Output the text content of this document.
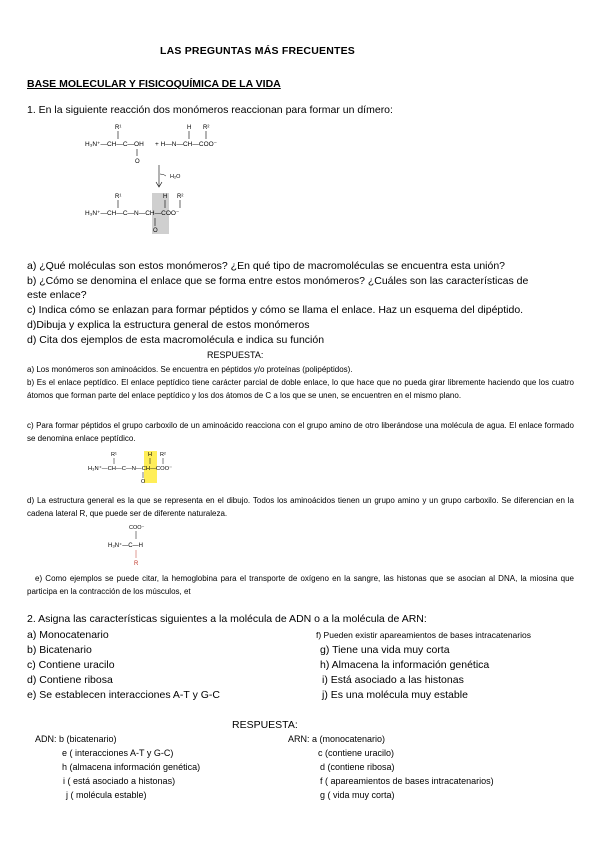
LAS PREGUNTAS MÁS FRECUENTES
BASE MOLECULAR Y FISICOQUÍMICA DE LA VIDA
1. En la siguiente reacción dos monómeros reaccionan para formar un dímero:
R¹
H₃N⁺—CH—C—OH
O
H R²
+ H—N—CH—COO⁻
H₂O
R¹	H R²
H₃N⁺—CH—C—N—CH—COO⁻
O
a) ¿Qué moléculas son estos monómeros? ¿En qué tipo de macromoléculas se encuentra esta unión?
b) ¿Cómo se denomina el enlace que se forma entre estos monómeros? ¿Cuáles son las características de
este enlace?
c) Indica cómo se enlazan para formar péptidos y cómo se llama el enlace. Haz un esquema del dipéptido.
d)Dibuja y explica la estructura general de estos monómeros
d) Cita dos ejemplos de esta macromolécula e indica su función
RESPUESTA:
a) Los monómeros son aminoácidos. Se encuentra en péptidos y/o proteínas (polipéptidos).
b) Es el enlace peptídico. El enlace peptídico tiene carácter parcial de doble enlace, lo que hace que no pueda girar libremente haciendo que los cuatro átomos que forman parte del enlace peptídico y los dos átomos de C a los que se unen, se encuentren en el mismo plano.
c) Para formar péptidos el grupo carboxilo de un aminoácido reacciona con el grupo amino de otro liberándose una molécula de agua. El enlace formado se denomina enlace peptídico.
R¹	H R²
H₃N⁺—CH—C—N—CH—COO⁻
O
d) La estructura general es la que se representa en el dibujo. Todos los aminoácidos tienen un grupo amino y un grupo carboxilo. Se diferencian en la cadena lateral R, que puede ser de diferente naturaleza.
COO⁻
H₃N⁺—C—H
R
e) Como ejemplos se puede citar, la hemoglobina para el transporte de oxígeno en la sangre, las histonas que se asocian al DNA, la miosina que participa en la contracción de los músculos, et
2. Asigna las características siguientes a la molécula de ADN o a la molécula de ARN:
a) Monocatenario
b) Bicatenario
c) Contiene uracilo
d) Contiene ribosa
e) Se establecen interacciones A-T y G-C
f) Pueden existir apareamientos de bases intracatenarios
g) Tiene una vida muy corta
h) Almacena la información genética
i) Está asociado a las histonas
j) Es una molécula muy estable
RESPUESTA:
ADN: b (bicatenario)
e ( interacciones A-T y G-C)
h (almacena información genética)
i ( está asociado a histonas)
j ( molécula estable)
ARN: a (monocatenario)
c (contiene uracilo)
d (contiene ribosa)
f ( apareamientos de bases intracatenarios)
g ( vida muy corta)
